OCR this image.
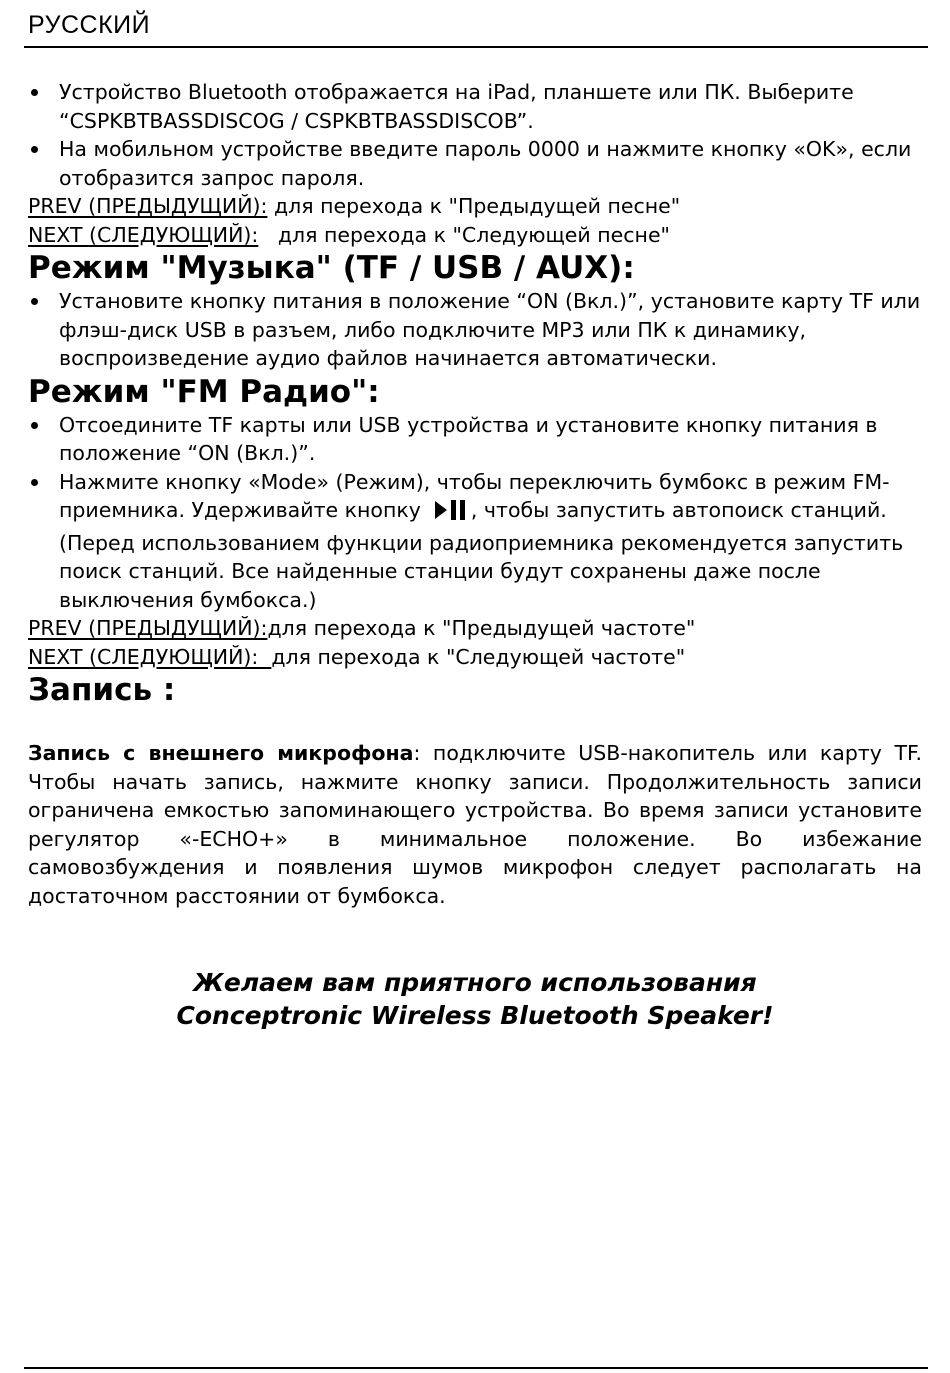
РУССКИЙ
Устройство Bluetooth отображается на iPad, планшете или ПК. Выберите “CSPKBTBASSDISCOG / CSPKBTBASSDISCOB”.
На мобильном устройстве введите пароль 0000 и нажмите кнопку «OK», если отобразится запрос пароля.
PREV (ПРЕДЫДУЩИЙ): для перехода к "Предыдущей песне"
NEXT (СЛЕДУЮЩИЙ):   для перехода к "Следующей песне"
Режим "Музыка" (TF / USB / AUX):
Установите кнопку питания в положение “ON (Вкл.)”, установите карту TF или флэш-диск USB в разъем, либо подключите MP3 или ПК к динамику, воспроизведение аудио файлов начинается автоматически.
Режим "FM Радио":
Отсоедините TF карты или USB устройства и установите кнопку питания в положение “ON (Вкл.)”.
Нажмите кнопку «Mode» (Режим), чтобы переключить бумбокс в режим FM-приемника. Удерживайте кнопку , чтобы запустить автопоиск станций. (Перед использованием функции радиоприемника рекомендуется запустить поиск станций. Все найденные станции будут сохранены даже после выключения бумбокса.)
PREV (ПРЕДЫДУЩИЙ):для перехода к "Предыдущей частоте"
NEXT (СЛЕДУЮЩИЙ):  для перехода к "Следующей частоте"
Запись :
Запись с внешнего микрофона: подключите USB-накопитель или карту TF. Чтобы начать запись, нажмите кнопку записи. Продолжительность записи ограничена емкостью запоминающего устройства. Во время записи установите регулятор «-ECHO+» в минимальное положение. Во избежание самовозбуждения и появления шумов микрофон следует располагать на достаточном расстоянии от бумбокса.
Желаем вам приятного использования
Conceptronic Wireless Bluetooth Speaker!
